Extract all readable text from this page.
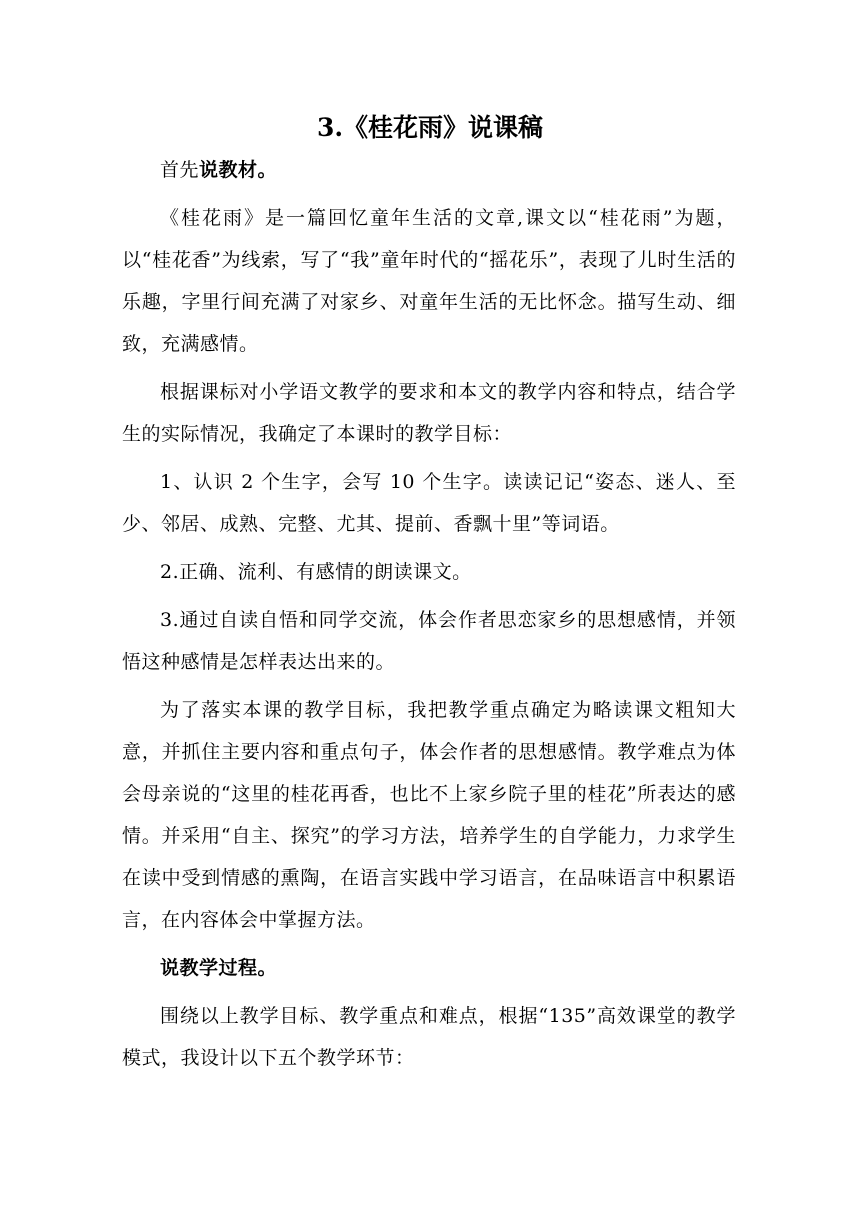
3.《桂花雨》说课稿

首先说教材。

《桂花雨》是一篇回忆童年生活的文章,课文以“桂花雨”为题，以“桂花香”为线索，写了“我”童年时代的“摇花乐”，表现了儿时生活的乐趣，字里行间充满了对家乡、对童年生活的无比怀念。描写生动、细致，充满感情。

根据课标对小学语文教学的要求和本文的教学内容和特点，结合学生的实际情况，我确定了本课时的教学目标：

1、认识 2 个生字，会写 10 个生字。读读记记“姿态、迷人、至少、邻居、成熟、完整、尤其、提前、香飘十里”等词语。

2.正确、流利、有感情的朗读课文。

3.通过自读自悟和同学交流，体会作者思恋家乡的思想感情，并领悟这种感情是怎样表达出来的。

为了落实本课的教学目标，我把教学重点确定为略读课文粗知大意，并抓住主要内容和重点句子，体会作者的思想感情。教学难点为体会母亲说的“这里的桂花再香，也比不上家乡院子里的桂花”所表达的感情。并采用“自主、探究”的学习方法，培养学生的自学能力，力求学生在读中受到情感的熏陶，在语言实践中学习语言，在品味语言中积累语言，在内容体会中掌握方法。

说教学过程。

围绕以上教学目标、教学重点和难点，根据“135”高效课堂的教学模式，我设计以下五个教学环节：
